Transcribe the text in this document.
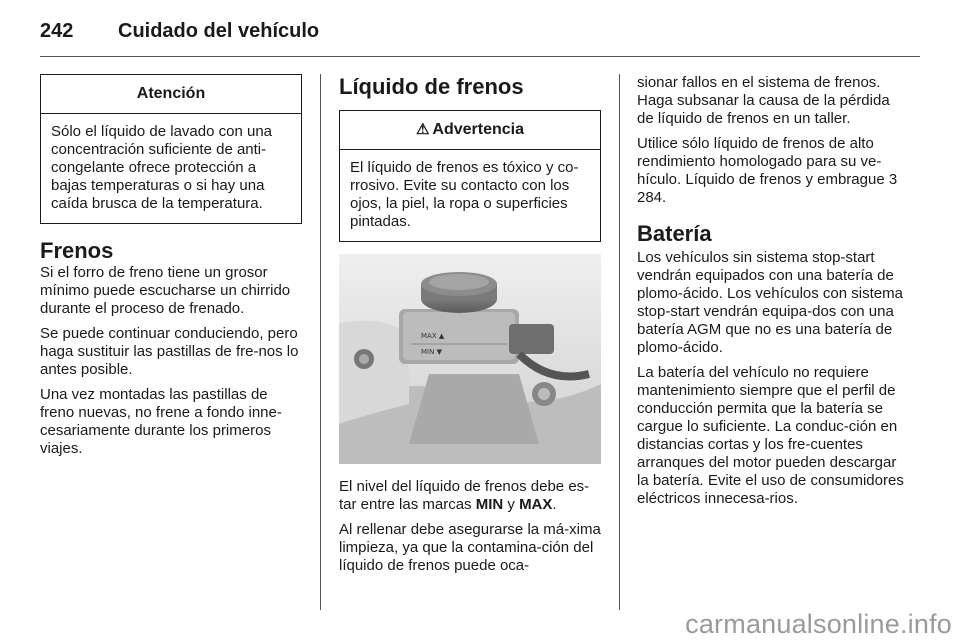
242 Cuidado del vehículo
Atención

Sólo el líquido de lavado con una concentración suficiente de anti-congelante ofrece protección a bajas temperaturas o si hay una caída brusca de la temperatura.

Frenos

Si el forro de freno tiene un grosor mínimo puede escucharse un chirrido durante el proceso de frenado.

Se puede continuar conduciendo, pero haga sustituir las pastillas de fre-nos lo antes posible.

Una vez montadas las pastillas de freno nuevas, no frene a fondo inne-cesariamente durante los primeros viajes.

Líquido de frenos
⚠ Advertencia

El líquido de frenos es tóxico y co-rrosivo. Evite su contacto con los ojos, la piel, la ropa o superficies pintadas.

MAX ▲
MIN ▼

El nivel del líquido de frenos debe es-tar entre las marcas MIN y MAX.

Al rellenar debe asegurarse la má-xima limpieza, ya que la contamina-ción del líquido de frenos puede oca-

sionar fallos en el sistema de frenos. Haga subsanar la causa de la pérdida de líquido de frenos en un taller.

Utilice sólo líquido de frenos de alto rendimiento homologado para su ve-hículo. Líquido de frenos y embrague 3 284.

Batería

Los vehículos sin sistema stop-start vendrán equipados con una batería de plomo-ácido. Los vehículos con sistema stop-start vendrán equipa-dos con una batería AGM que no es una batería de plomo-ácido.

La batería del vehículo no requiere mantenimiento siempre que el perfil de conducción permita que la batería se cargue lo suficiente. La conduc-ción en distancias cortas y los fre-cuentes arranques del motor pueden descargar la batería. Evite el uso de consumidores eléctricos innecesa-rios.

carmanualsonline.info
